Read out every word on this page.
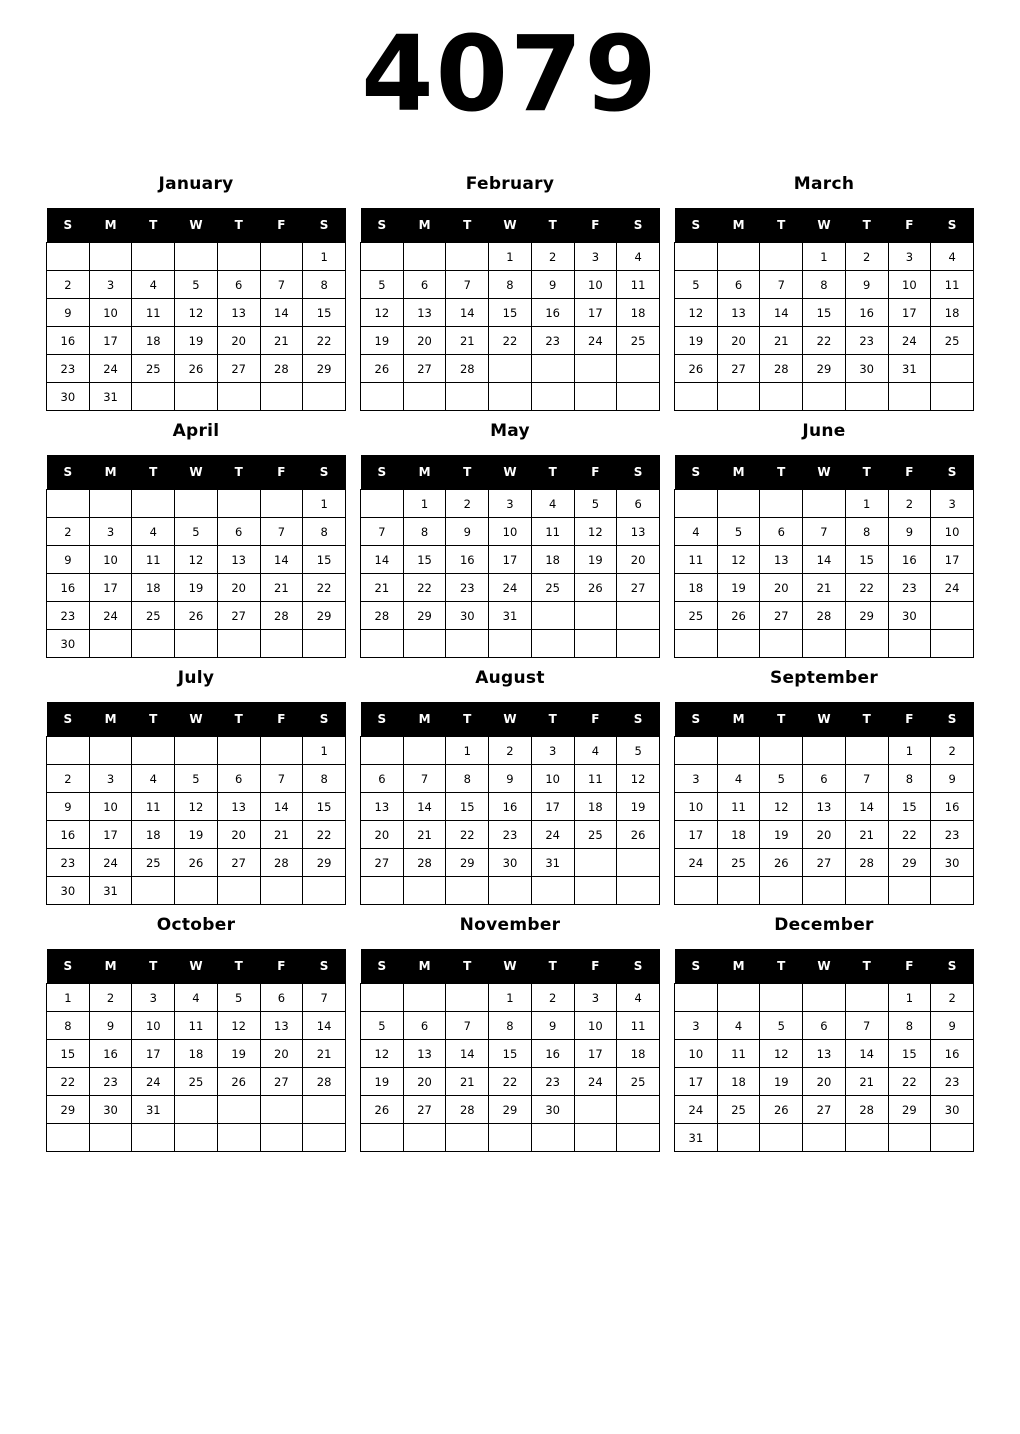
4079
January
S	M	T	W	T	F	S
						1
2	3	4	5	6	7	8
9	10	11	12	13	14	15
16	17	18	19	20	21	22
23	24	25	26	27	28	29
30	31					
February
S	M	T	W	T	F	S
			1	2	3	4
5	6	7	8	9	10	11
12	13	14	15	16	17	18
19	20	21	22	23	24	25
26	27	28				

March
S	M	T	W	T	F	S
			1	2	3	4
5	6	7	8	9	10	11
12	13	14	15	16	17	18
19	20	21	22	23	24	25
26	27	28	29	30	31	

April
S	M	T	W	T	F	S
						1
2	3	4	5	6	7	8
9	10	11	12	13	14	15
16	17	18	19	20	21	22
23	24	25	26	27	28	29
30						
May
S	M	T	W	T	F	S
	1	2	3	4	5	6
7	8	9	10	11	12	13
14	15	16	17	18	19	20
21	22	23	24	25	26	27
28	29	30	31			

June
S	M	T	W	T	F	S
				1	2	3
4	5	6	7	8	9	10
11	12	13	14	15	16	17
18	19	20	21	22	23	24
25	26	27	28	29	30	

July
S	M	T	W	T	F	S
						1
2	3	4	5	6	7	8
9	10	11	12	13	14	15
16	17	18	19	20	21	22
23	24	25	26	27	28	29
30	31					
August
S	M	T	W	T	F	S
		1	2	3	4	5
6	7	8	9	10	11	12
13	14	15	16	17	18	19
20	21	22	23	24	25	26
27	28	29	30	31		

September
S	M	T	W	T	F	S
					1	2
3	4	5	6	7	8	9
10	11	12	13	14	15	16
17	18	19	20	21	22	23
24	25	26	27	28	29	30

October
S	M	T	W	T	F	S
1	2	3	4	5	6	7
8	9	10	11	12	13	14
15	16	17	18	19	20	21
22	23	24	25	26	27	28
29	30	31				

November
S	M	T	W	T	F	S
			1	2	3	4
5	6	7	8	9	10	11
12	13	14	15	16	17	18
19	20	21	22	23	24	25
26	27	28	29	30		

December
S	M	T	W	T	F	S
					1	2
3	4	5	6	7	8	9
10	11	12	13	14	15	16
17	18	19	20	21	22	23
24	25	26	27	28	29	30
31						
